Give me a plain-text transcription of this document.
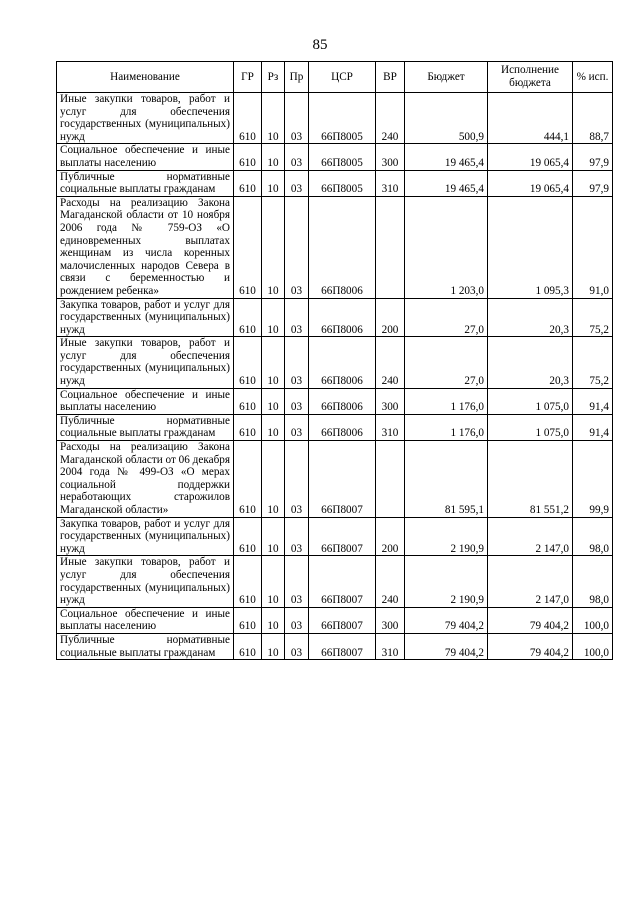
85
Наименование	ГР	Рз	Пр	ЦСР	ВР	Бюджет	Исполнение бюджета	% исп.
Иные закупки товаров, работ и услуг для обеспечения государственных (муниципальных) нужд	610	10	03	66П8005	240	500,9	444,1	88,7
Социальное обеспечение и иные выплаты населению	610	10	03	66П8005	300	19 465,4	19 065,4	97,9
Публичные нормативные социальные выплаты гражданам	610	10	03	66П8005	310	19 465,4	19 065,4	97,9
Расходы на реализацию Закона Магаданской области от 10 ноября 2006 года № 759-ОЗ «О единовременных выплатах женщинам из числа коренных малочисленных народов Севера в связи с беременностью и рождением ребенка»	610	10	03	66П8006		1 203,0	1 095,3	91,0
Закупка товаров, работ и услуг для государственных (муниципальных) нужд	610	10	03	66П8006	200	27,0	20,3	75,2
Иные закупки товаров, работ и услуг для обеспечения государственных (муниципальных) нужд	610	10	03	66П8006	240	27,0	20,3	75,2
Социальное обеспечение и иные выплаты населению	610	10	03	66П8006	300	1 176,0	1 075,0	91,4
Публичные нормативные социальные выплаты гражданам	610	10	03	66П8006	310	1 176,0	1 075,0	91,4
Расходы на реализацию Закона Магаданской области от 06 декабря 2004 года № 499-ОЗ «О мерах социальной поддержки неработающих старожилов Магаданской области»	610	10	03	66П8007		81 595,1	81 551,2	99,9
Закупка товаров, работ и услуг для государственных (муниципальных) нужд	610	10	03	66П8007	200	2 190,9	2 147,0	98,0
Иные закупки товаров, работ и услуг для обеспечения государственных (муниципальных) нужд	610	10	03	66П8007	240	2 190,9	2 147,0	98,0
Социальное обеспечение и иные выплаты населению	610	10	03	66П8007	300	79 404,2	79 404,2	100,0
Публичные нормативные социальные выплаты гражданам	610	10	03	66П8007	310	79 404,2	79 404,2	100,0
